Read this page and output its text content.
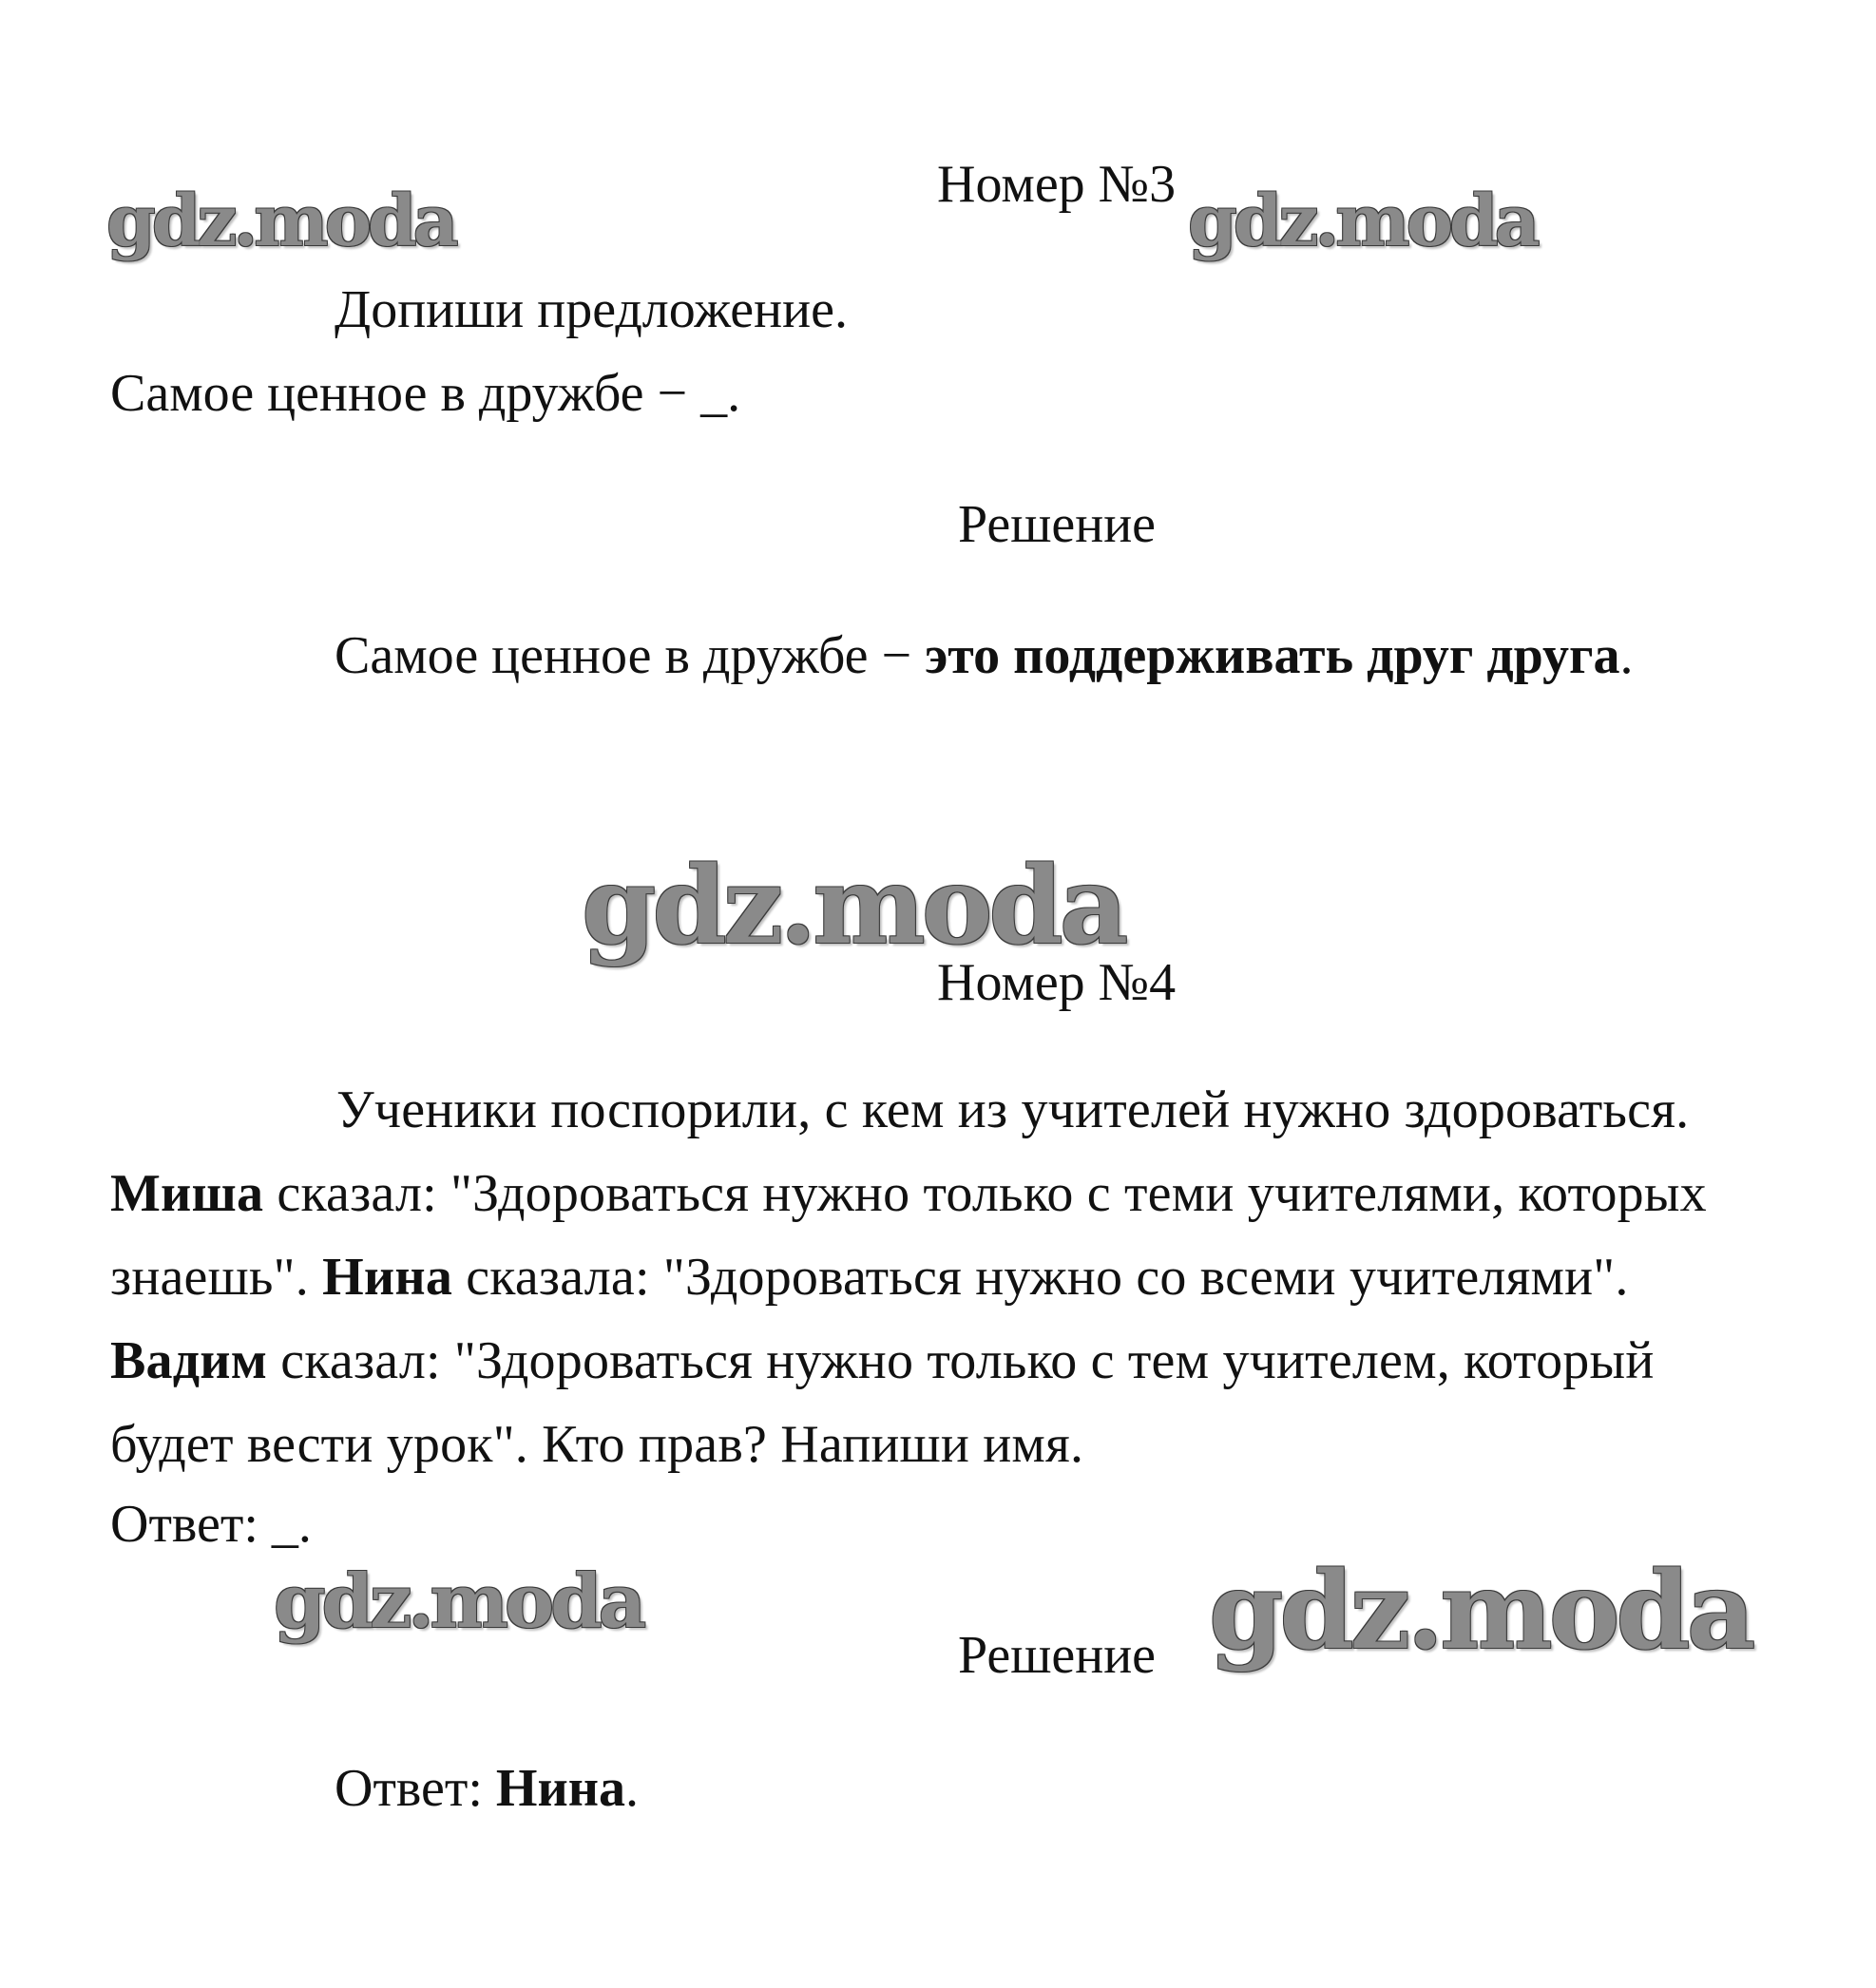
gdz.moda	gdz.moda
gdz.moda
gdz.moda	gdz.moda
Номер №3
Допиши предложение.
Самое ценное в дружбе − _.
Решение
Самое ценное в дружбе − это поддерживать друг друга.
Номер №4
Ученики поспорили, с кем из учителей нужно здороваться. Миша сказал: "Здороваться нужно только с теми учителями, которых знаешь". Нина сказала: "Здороваться нужно со всеми учителями". Вадим сказал: "Здороваться нужно только с тем учителем, который будет вести урок". Кто прав? Напиши имя.
Ответ: _.
Решение
Ответ: Нина.
